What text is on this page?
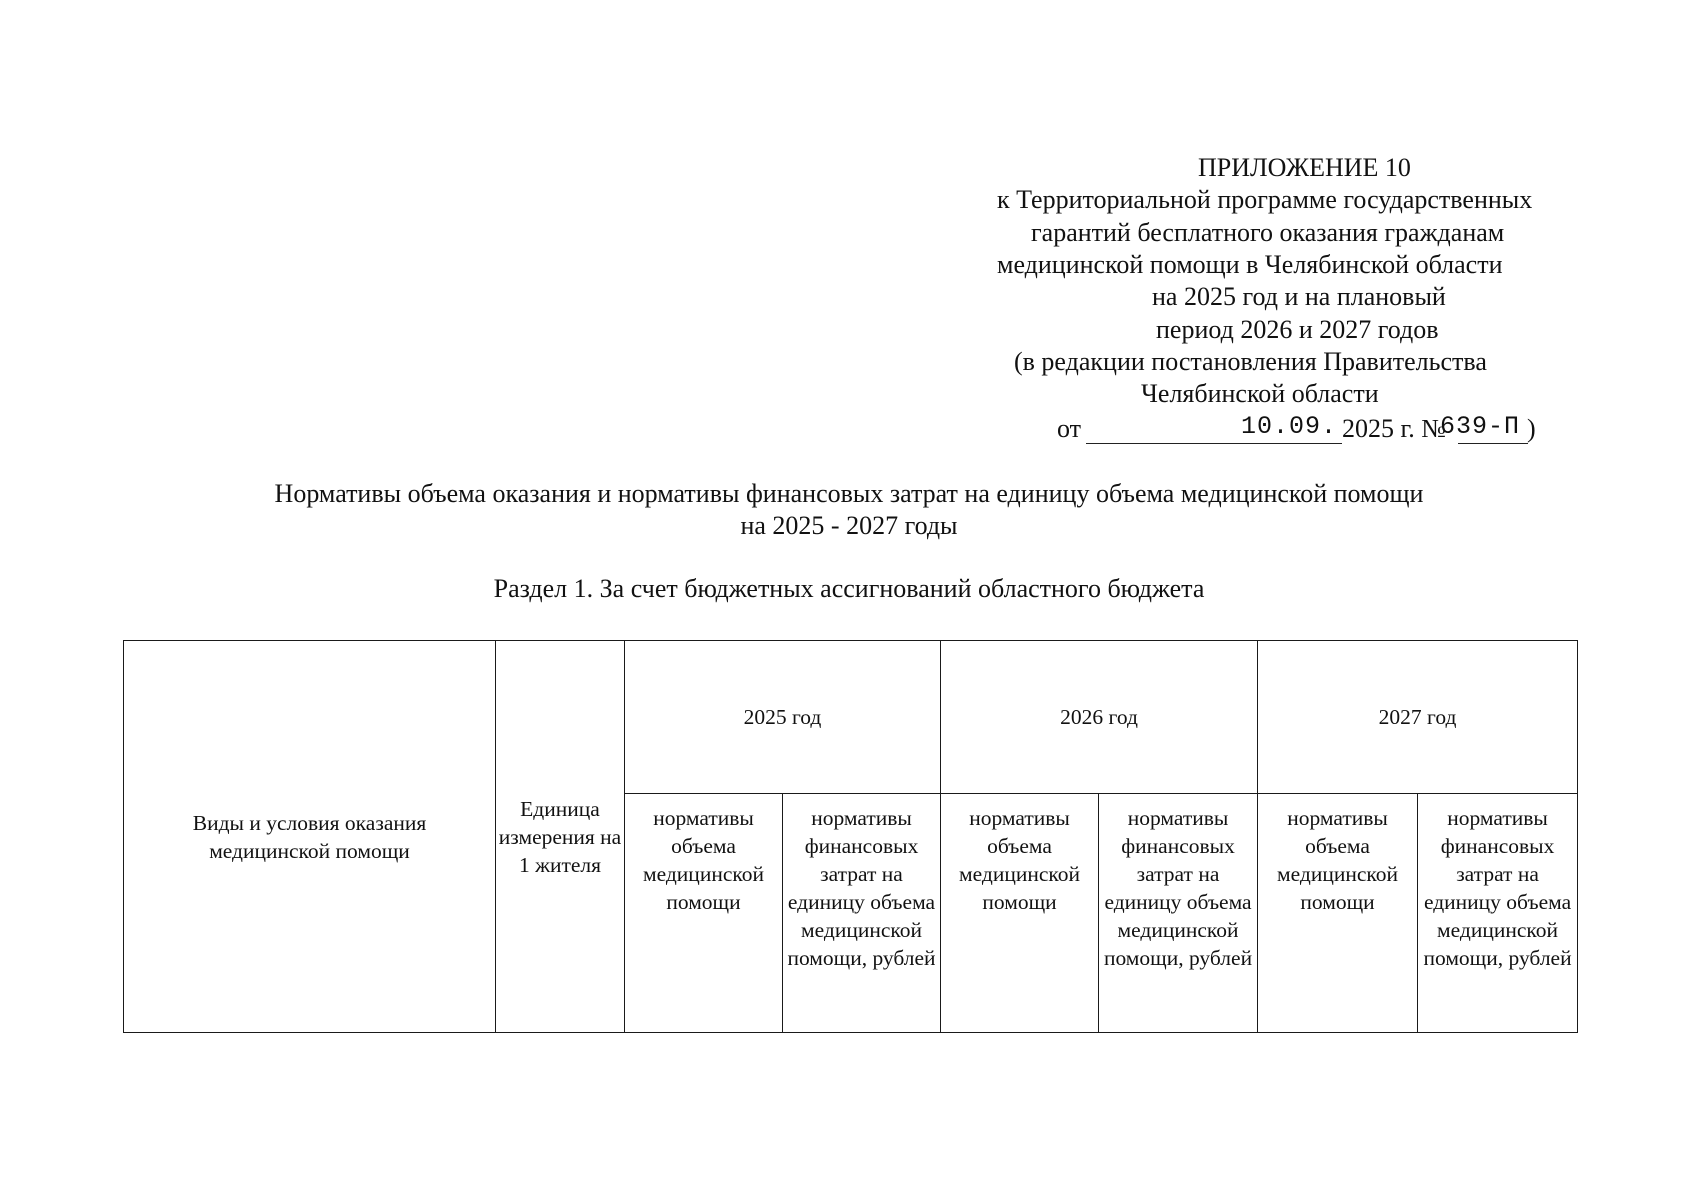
ПРИЛОЖЕНИЕ 10
к Территориальной программе государственных
гарантий бесплатного оказания гражданам
медицинской помощи в Челябинской области
на 2025 год и на плановый
период 2026 и 2027 годов
(в редакции постановления Правительства
Челябинской области
от	10.09. 2025 г. №
639-П )
Нормативы объема оказания и нормативы финансовых затрат на единицу объема медицинской помощи
на 2025 - 2027 годы
Раздел 1. За счет бюджетных ассигнований областного бюджета
Виды и условия оказания медицинской помощи	Единица измерения на 1 жителя	2025 год		2026 год		2027 год	

		нормативы объема медицинской помощи	нормативы финансовых затрат на единицу объема медицинской помощи, рублей	нормативы объема медицинской помощи	нормативы финансовых затрат на единицу объема медицинской помощи, рублей	нормативы объема медицинской помощи	нормативы финансовых затрат на единицу объема медицинской помощи, рублей
